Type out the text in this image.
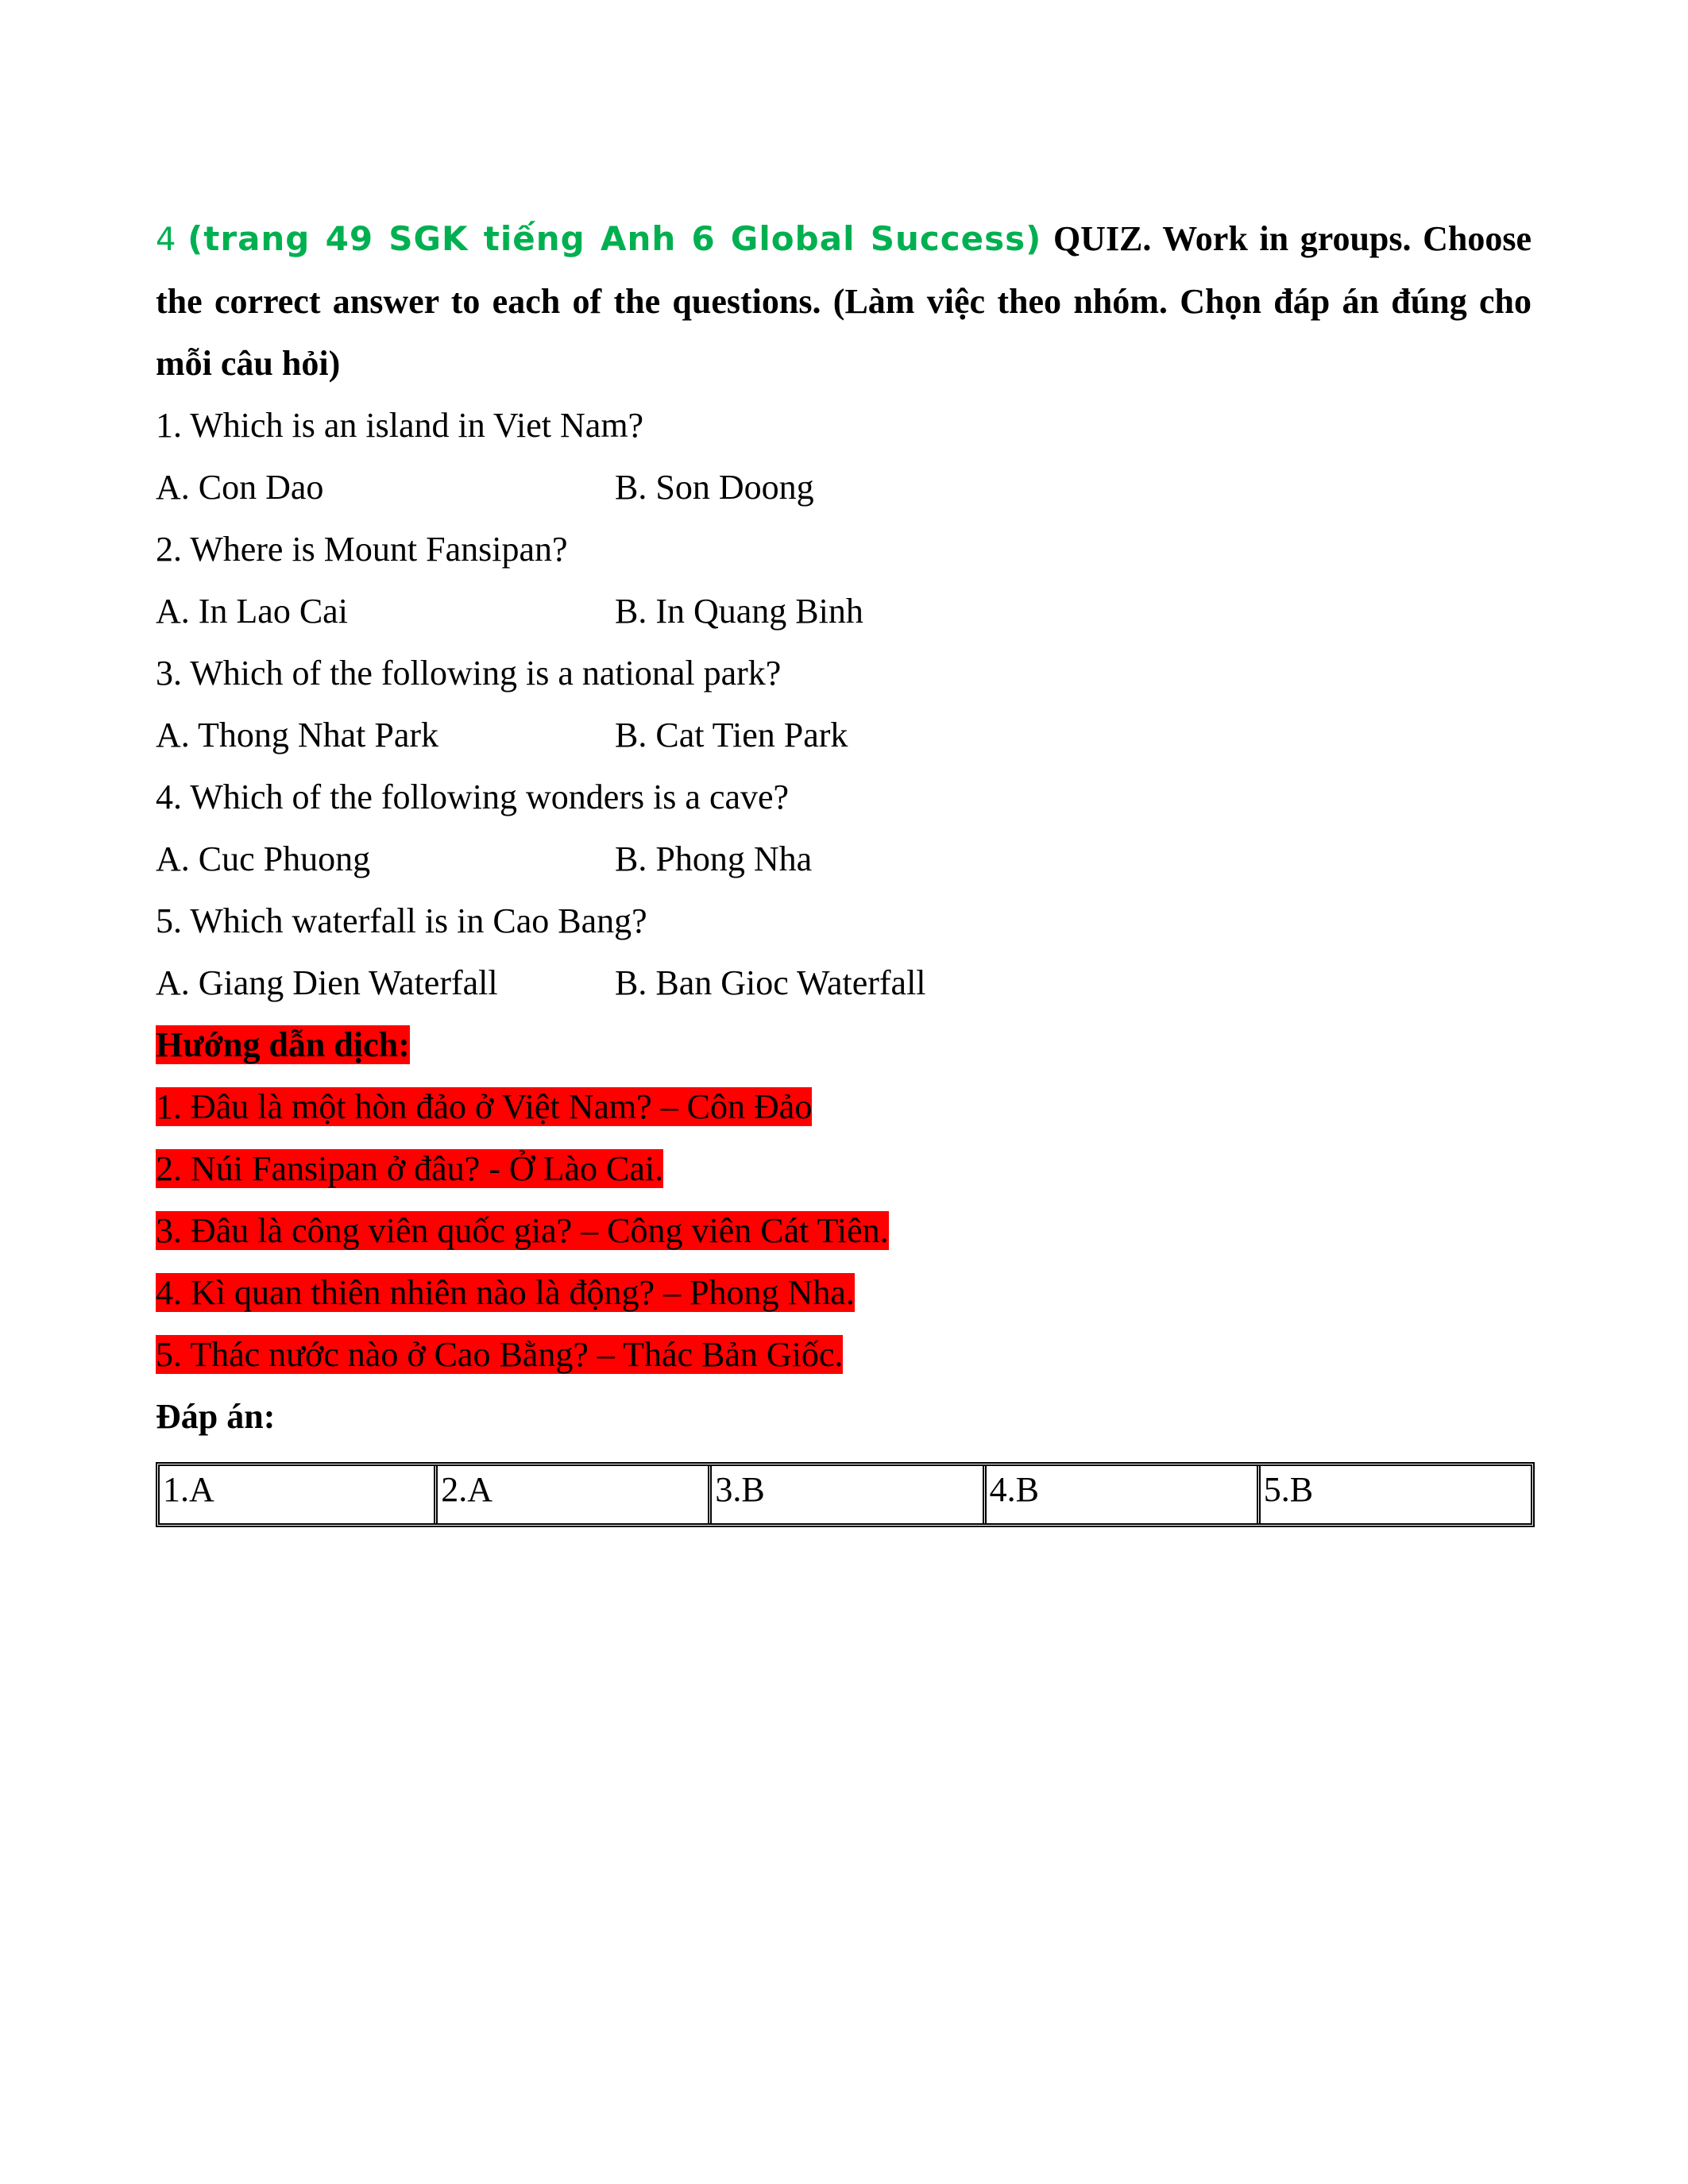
4 (trang 49 SGK tiếng Anh 6 Global Success) QUIZ. Work in groups. Choose the correct answer to each of the questions. (Làm việc theo nhóm. Chọn đáp án đúng cho mỗi câu hỏi)

1. Which is an island in Viet Nam?
A. Con Dao	B. Son Doong
2. Where is Mount Fansipan?
A. In Lao Cai	B. In Quang Binh
3. Which of the following is a national park?
A. Thong Nhat Park	B. Cat Tien Park
4. Which of the following wonders is a cave?
A. Cuc Phuong	B. Phong Nha
5. Which waterfall is in Cao Bang?
A. Giang Dien Waterfall	B. Ban Gioc Waterfall
Hướng dẫn dịch:
1. Đâu là một hòn đảo ở Việt Nam? – Côn Đảo
2. Núi Fansipan ở đâu? - Ở Lào Cai.
3. Đâu là công viên quốc gia? – Công viên Cát Tiên.
4. Kì quan thiên nhiên nào là động? – Phong Nha.
5. Thác nước nào ở Cao Bằng? – Thác Bản Giốc.
Đáp án:
1.A	2.A	3.B	4.B	5.B
